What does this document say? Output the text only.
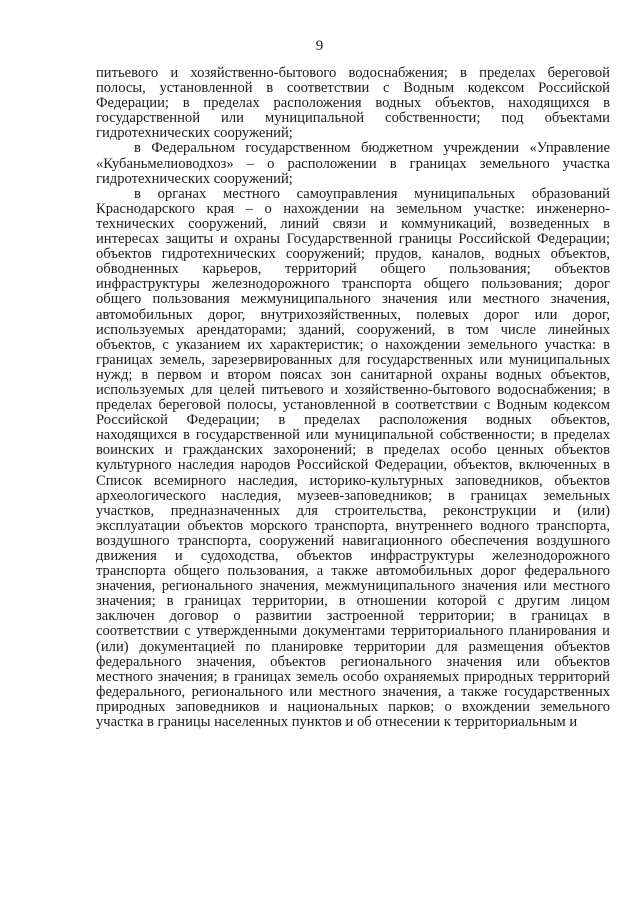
9
питьевого и хозяйственно-бытового водоснабжения; в пределах береговой
полосы, установленной в соответствии с Водным кодексом Российской
Федерации; в пределах расположения водных объектов, находящихся в
государственной или муниципальной собственности; под объектами
гидротехнических сооружений;
в Федеральном государственном бюджетном учреждении «Управление
«Кубаньмелиоводхоз» – о расположении в границах земельного участка
гидротехнических сооружений;
в органах местного самоуправления муниципальных образований
Краснодарского края – о нахождении на земельном участке: инженерно-
технических сооружений, линий связи и коммуникаций, возведенных в
интересах защиты и охраны Государственной границы Российской Федерации;
объектов гидротехнических сооружений; прудов, каналов, водных объектов,
обводненных карьеров, территорий общего пользования; объектов
инфраструктуры железнодорожного транспорта общего пользования; дорог
общего пользования межмуниципального значения или местного значения,
автомобильных дорог, внутрихозяйственных, полевых дорог или дорог,
используемых арендаторами; зданий, сооружений, в том числе линейных
объектов, с указанием их характеристик; о нахождении земельного участка: в
границах земель, зарезервированных для государственных или муниципальных
нужд; в первом и втором поясах зон санитарной охраны водных объектов,
используемых для целей питьевого и хозяйственно-бытового водоснабжения; в
пределах береговой полосы, установленной в соответствии с Водным кодексом
Российской Федерации; в пределах расположения водных объектов,
находящихся в государственной или муниципальной собственности; в пределах
воинских и гражданских захоронений; в пределах особо ценных объектов
культурного наследия народов Российской Федерации, объектов, включенных в
Список всемирного наследия, историко-культурных заповедников, объектов
археологического наследия, музеев-заповедников; в границах земельных
участков, предназначенных для строительства, реконструкции и (или)
эксплуатации объектов морского транспорта, внутреннего водного транспорта,
воздушного транспорта, сооружений навигационного обеспечения воздушного
движения и судоходства, объектов инфраструктуры железнодорожного
транспорта общего пользования, а также автомобильных дорог федерального
значения, регионального значения, межмуниципального значения или местного
значения; в границах территории, в отношении которой с другим лицом
заключен договор о развитии застроенной территории; в границах в
соответствии с утвержденными документами территориального планирования и
(или) документацией по планировке территории для размещения объектов
федерального значения, объектов регионального значения или объектов
местного значения; в границах земель особо охраняемых природных территорий
федерального, регионального или местного значения, а также государственных
природных заповедников и национальных парков; о вхождении земельного
участка в границы населенных пунктов и об отнесении к территориальным и
